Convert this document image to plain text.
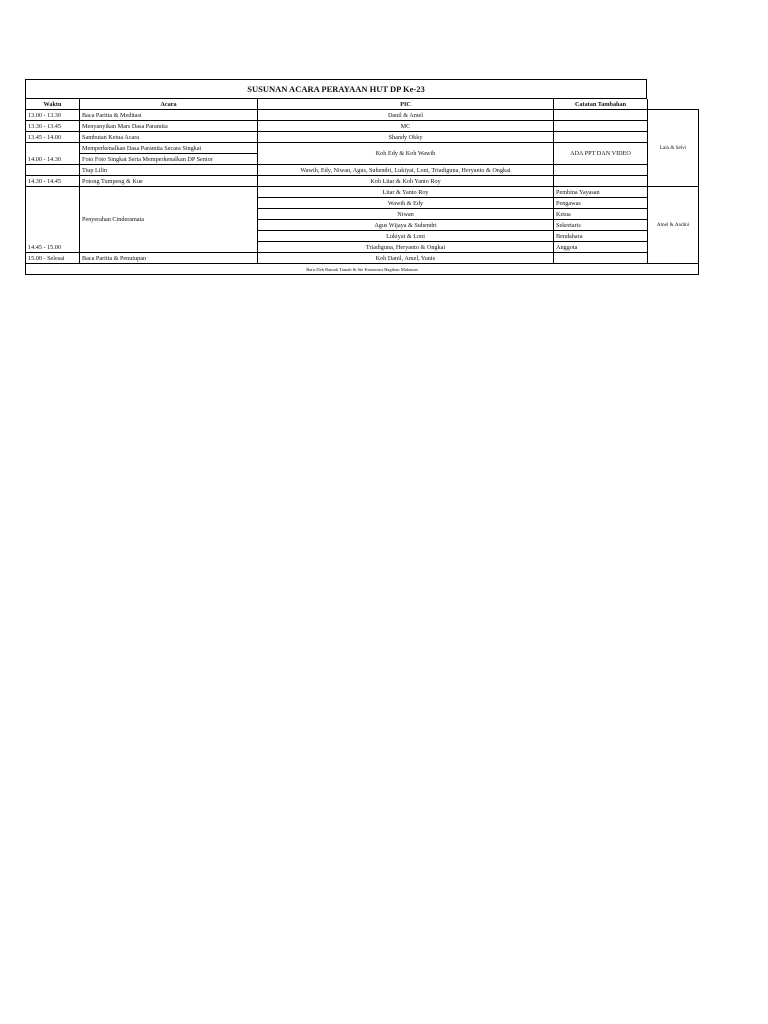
SUSUNAN ACARA PERAYAAN HUT DP Ke-23
Waktu	Acara	PIC	Catatan Tambahan	
13.00 - 13.30	Baca Paritta & Meditasi	Danil & Amel		Lala & Selvi
13.30 - 13.45	Menyanyikan Mars Dasa Paramita	MC		
13.45 - 14.00	Sambutan Ketua Acara	Shandy Okky		
14.00 - 14.30	Memperkenalkan Dasa Paramita Secara Singkat	Koh Edy & Koh Wawih	ADA PPT DAN VIDEO	
	Foto Foto Singkat Serta Memperkenalkan DP Senior			
	Tiup Lilin	Wawih, Edy, Niwan, Agus, Suhendri, Lukiyat, Loni, Triadiguna, Heryanto & Ongkai		
14.30 - 14.45	Potong Tumpeng & Kue	Koh Litar & Koh Yanto Roy		
14.45 - 15.00	Penyerahan Cinderamata	Litar & Yanto Roy	Pembina Yayasan	Amel & Andini
		Wawih & Edy	Pengawas	
		Niwan	Ketua	
		Agus Wijaya & Suhendri	Sekretaris	
		Lukiyat & Loni	Bendahara	
		Triadiguna, Heryanto & Ongkai	Anggota	
15.00 - Selesai	Baca Paritta & Penutupan	Koh Danil, Amel, Yunie		
Baru Deh Ramah Tamah & Sie Konsumsi Bagikan Makanan				
